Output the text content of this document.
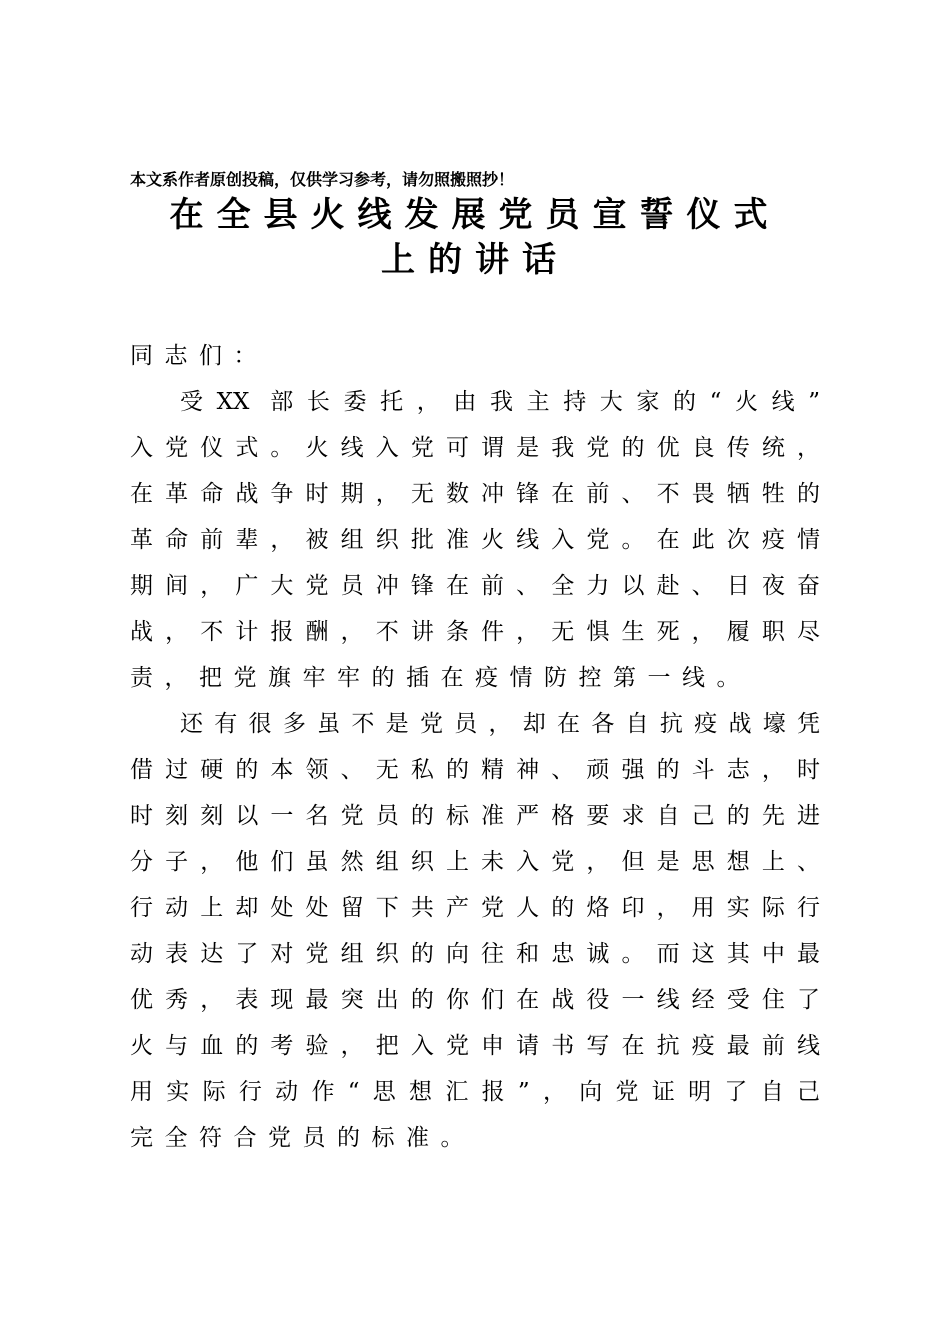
本文系作者原创投稿，仅供学习参考，请勿照搬照抄！
在全县火线发展党员宣誓仪式
上的讲话
同志们：
受XX 部长委托，由我主持大家的“火线”
入党仪式。火线入党可谓是我党的优良传统，
在革命战争时期，无数冲锋在前、不畏牺牲的
革命前辈，被组织批准火线入党。在此次疫情
期间，广大党员冲锋在前、全力以赴、日夜奋
战，不计报酬，不讲条件，无惧生死，履职尽
责，把党旗牢牢的插在疫情防控第一线。
还有很多虽不是党员，却在各自抗疫战壕凭
借过硬的本领、无私的精神、顽强的斗志，时
时刻刻以一名党员的标准严格要求自己的先进
分子，他们虽然组织上未入党，但是思想上、
行动上却处处留下共产党人的烙印，用实际行
动表达了对党组织的向往和忠诚。而这其中最
优秀，表现最突出的你们在战役一线经受住了
火与血的考验，把入党申请书写在抗疫最前线
用实际行动作“思想汇报”，向党证明了自己
完全符合党员的标准。
